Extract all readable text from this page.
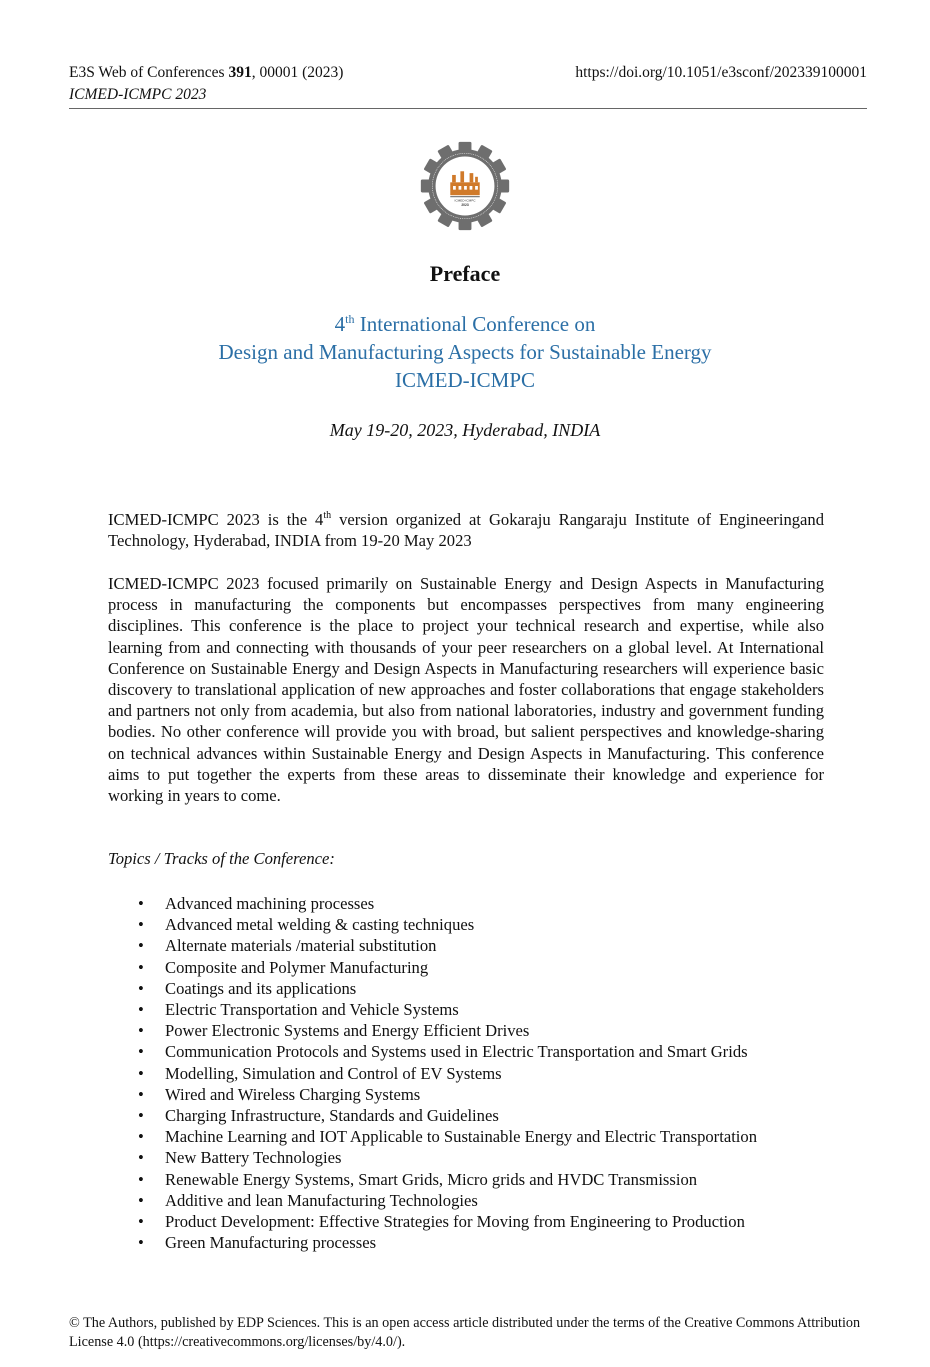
E3S Web of Conferences 391, 00001 (2023)
ICMED-ICMPC 2023
https://doi.org/10.1051/e3sconf/202339100001
ICMED-ICMPC
2023
Preface
4th International Conference on
Design and Manufacturing Aspects for Sustainable Energy
ICMED-ICMPC
May 19-20, 2023, Hyderabad, INDIA
ICMED-ICMPC 2023 is the 4th version organized at Gokaraju Rangaraju Institute of Engineeringand Technology, Hyderabad, INDIA from 19-20 May 2023
ICMED-ICMPC 2023 focused primarily on Sustainable Energy and Design Aspects in Manufacturing process in manufacturing the components but encompasses perspectives from many engineering disciplines. This conference is the place to project your technical research and expertise, while also learning from and connecting with thousands of your peer researchers on a global level. At International Conference on Sustainable Energy and Design Aspects in Manufacturing researchers will experience basic discovery to translational application of new approaches and foster collaborations that engage stakeholders and partners not only from academia, but also from national laboratories, industry and government funding bodies. No other conference will provide you with broad, but salient perspectives and knowledge-sharing on technical advances within Sustainable Energy and Design Aspects in Manufacturing. This conference aims to put together the experts from these areas to disseminate their knowledge and experience for working in years to come.
Topics / Tracks of the Conference:
• Advanced machining processes
• Advanced metal welding & casting techniques
• Alternate materials /material substitution
• Composite and Polymer Manufacturing
• Coatings and its applications
• Electric Transportation and Vehicle Systems
• Power Electronic Systems and Energy Efficient Drives
• Communication Protocols and Systems used in Electric Transportation and Smart Grids
• Modelling, Simulation and Control of EV Systems
• Wired and Wireless Charging Systems
• Charging Infrastructure, Standards and Guidelines
• Machine Learning and IOT Applicable to Sustainable Energy and Electric Transportation
• New Battery Technologies
• Renewable Energy Systems, Smart Grids, Micro grids and HVDC Transmission
• Additive and lean Manufacturing Technologies
• Product Development: Effective Strategies for Moving from Engineering to Production
• Green Manufacturing processes
© The Authors, published by EDP Sciences. This is an open access article distributed under the terms of the Creative Commons Attribution License 4.0 (https://creativecommons.org/licenses/by/4.0/).
